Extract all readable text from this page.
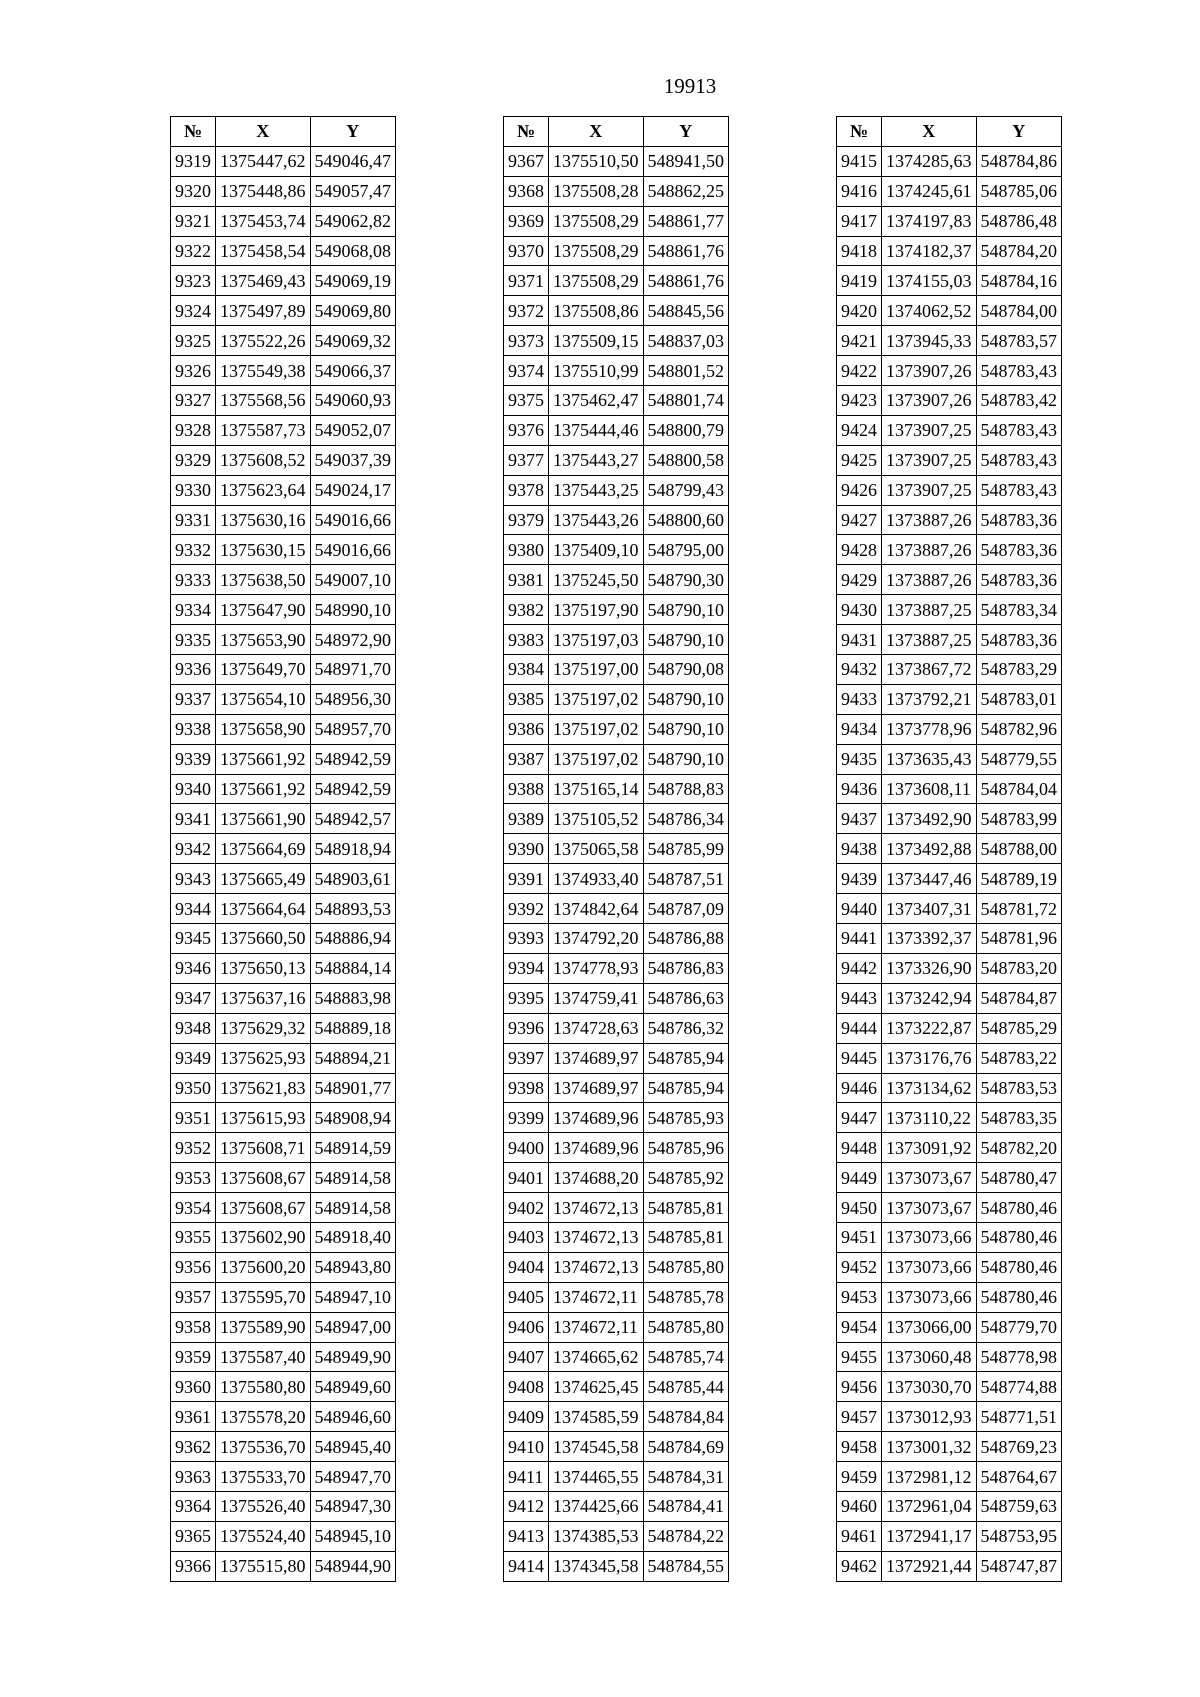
19913
№	X	Y
9319	1375447,62	549046,47
9320	1375448,86	549057,47
9321	1375453,74	549062,82
9322	1375458,54	549068,08
9323	1375469,43	549069,19
9324	1375497,89	549069,80
9325	1375522,26	549069,32
9326	1375549,38	549066,37
9327	1375568,56	549060,93
9328	1375587,73	549052,07
9329	1375608,52	549037,39
9330	1375623,64	549024,17
9331	1375630,16	549016,66
9332	1375630,15	549016,66
9333	1375638,50	549007,10
9334	1375647,90	548990,10
9335	1375653,90	548972,90
9336	1375649,70	548971,70
9337	1375654,10	548956,30
9338	1375658,90	548957,70
9339	1375661,92	548942,59
9340	1375661,92	548942,59
9341	1375661,90	548942,57
9342	1375664,69	548918,94
9343	1375665,49	548903,61
9344	1375664,64	548893,53
9345	1375660,50	548886,94
9346	1375650,13	548884,14
9347	1375637,16	548883,98
9348	1375629,32	548889,18
9349	1375625,93	548894,21
9350	1375621,83	548901,77
9351	1375615,93	548908,94
9352	1375608,71	548914,59
9353	1375608,67	548914,58
9354	1375608,67	548914,58
9355	1375602,90	548918,40
9356	1375600,20	548943,80
9357	1375595,70	548947,10
9358	1375589,90	548947,00
9359	1375587,40	548949,90
9360	1375580,80	548949,60
9361	1375578,20	548946,60
9362	1375536,70	548945,40
9363	1375533,70	548947,70
9364	1375526,40	548947,30
9365	1375524,40	548945,10
9366	1375515,80	548944,90
№	X	Y
9367	1375510,50	548941,50
9368	1375508,28	548862,25
9369	1375508,29	548861,77
9370	1375508,29	548861,76
9371	1375508,29	548861,76
9372	1375508,86	548845,56
9373	1375509,15	548837,03
9374	1375510,99	548801,52
9375	1375462,47	548801,74
9376	1375444,46	548800,79
9377	1375443,27	548800,58
9378	1375443,25	548799,43
9379	1375443,26	548800,60
9380	1375409,10	548795,00
9381	1375245,50	548790,30
9382	1375197,90	548790,10
9383	1375197,03	548790,10
9384	1375197,00	548790,08
9385	1375197,02	548790,10
9386	1375197,02	548790,10
9387	1375197,02	548790,10
9388	1375165,14	548788,83
9389	1375105,52	548786,34
9390	1375065,58	548785,99
9391	1374933,40	548787,51
9392	1374842,64	548787,09
9393	1374792,20	548786,88
9394	1374778,93	548786,83
9395	1374759,41	548786,63
9396	1374728,63	548786,32
9397	1374689,97	548785,94
9398	1374689,97	548785,94
9399	1374689,96	548785,93
9400	1374689,96	548785,96
9401	1374688,20	548785,92
9402	1374672,13	548785,81
9403	1374672,13	548785,81
9404	1374672,13	548785,80
9405	1374672,11	548785,78
9406	1374672,11	548785,80
9407	1374665,62	548785,74
9408	1374625,45	548785,44
9409	1374585,59	548784,84
9410	1374545,58	548784,69
9411	1374465,55	548784,31
9412	1374425,66	548784,41
9413	1374385,53	548784,22
9414	1374345,58	548784,55
№	X	Y
9415	1374285,63	548784,86
9416	1374245,61	548785,06
9417	1374197,83	548786,48
9418	1374182,37	548784,20
9419	1374155,03	548784,16
9420	1374062,52	548784,00
9421	1373945,33	548783,57
9422	1373907,26	548783,43
9423	1373907,26	548783,42
9424	1373907,25	548783,43
9425	1373907,25	548783,43
9426	1373907,25	548783,43
9427	1373887,26	548783,36
9428	1373887,26	548783,36
9429	1373887,26	548783,36
9430	1373887,25	548783,34
9431	1373887,25	548783,36
9432	1373867,72	548783,29
9433	1373792,21	548783,01
9434	1373778,96	548782,96
9435	1373635,43	548779,55
9436	1373608,11	548784,04
9437	1373492,90	548783,99
9438	1373492,88	548788,00
9439	1373447,46	548789,19
9440	1373407,31	548781,72
9441	1373392,37	548781,96
9442	1373326,90	548783,20
9443	1373242,94	548784,87
9444	1373222,87	548785,29
9445	1373176,76	548783,22
9446	1373134,62	548783,53
9447	1373110,22	548783,35
9448	1373091,92	548782,20
9449	1373073,67	548780,47
9450	1373073,67	548780,46
9451	1373073,66	548780,46
9452	1373073,66	548780,46
9453	1373073,66	548780,46
9454	1373066,00	548779,70
9455	1373060,48	548778,98
9456	1373030,70	548774,88
9457	1373012,93	548771,51
9458	1373001,32	548769,23
9459	1372981,12	548764,67
9460	1372961,04	548759,63
9461	1372941,17	548753,95
9462	1372921,44	548747,87
